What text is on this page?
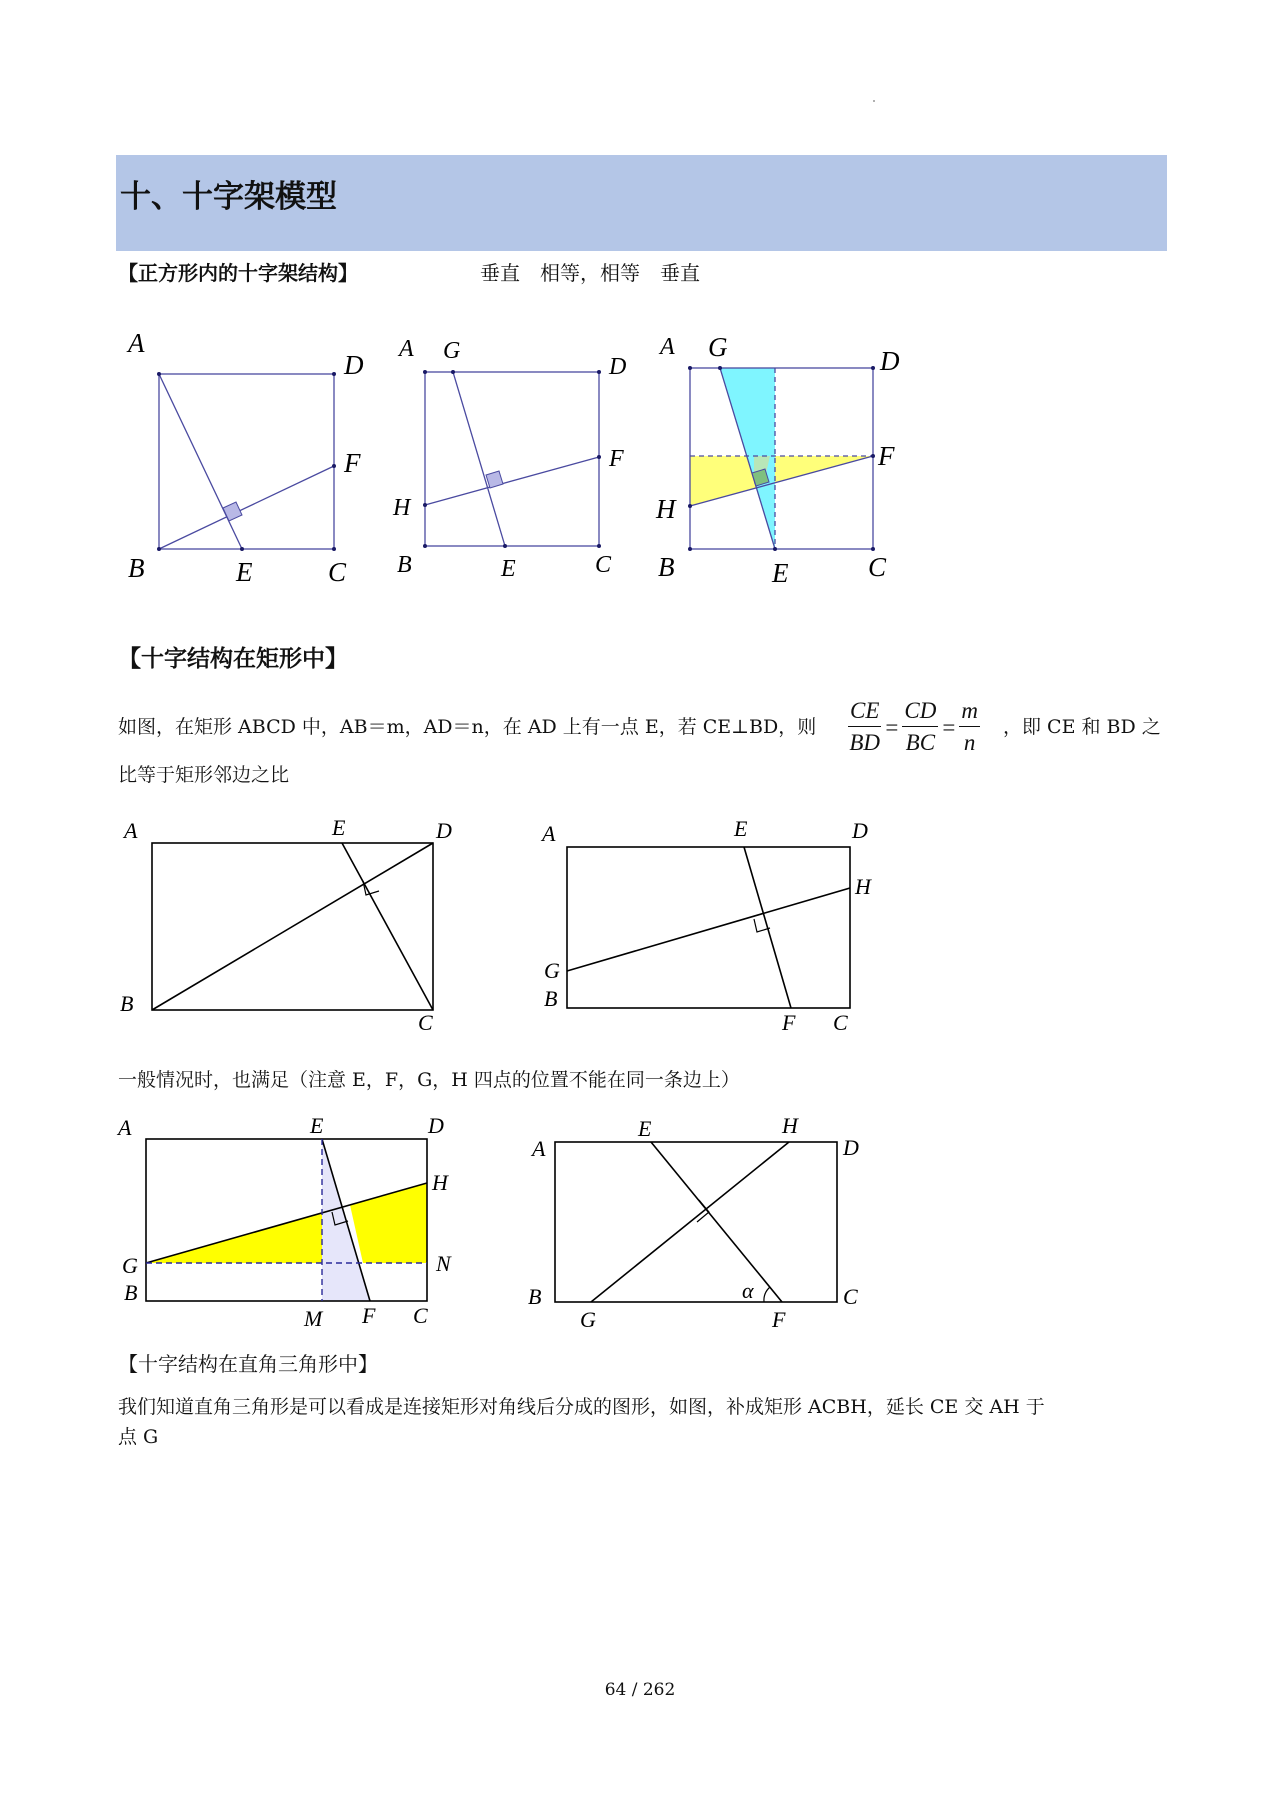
十、十字架模型
【正方形内的十字架结构】	垂直　相等，相等　垂直
A
D
F
B	E	C
A G
D
F
H
B	E	C
A G	D
F
H
B	E	C
【十字结构在矩形中】
如图，在矩形 ABCD 中，AB＝m，AD＝n，在 AD 上有一点 E，若 CE⊥BD，则 $\frac{CE}{BD} = \frac{CD}{BC} = \frac{m}{n}$ ，即 CE 和 BD 之
比等于矩形邻边之比
A	E	D
B
C
A	E	D
H
G
B
F C
一般情况时，也满足（注意 E，F，G，H 四点的位置不能在同一条边上）
A	E	D
H
G	N
B
M F C
A
E	H
D
α
B	C
G	F
【十字结构在直角三角形中】
我们知道直角三角形是可以看成是连接矩形对角线后分成的图形，如图，补成矩形 ACBH，延长 CE 交 AH 于
点 G
64 / 262
